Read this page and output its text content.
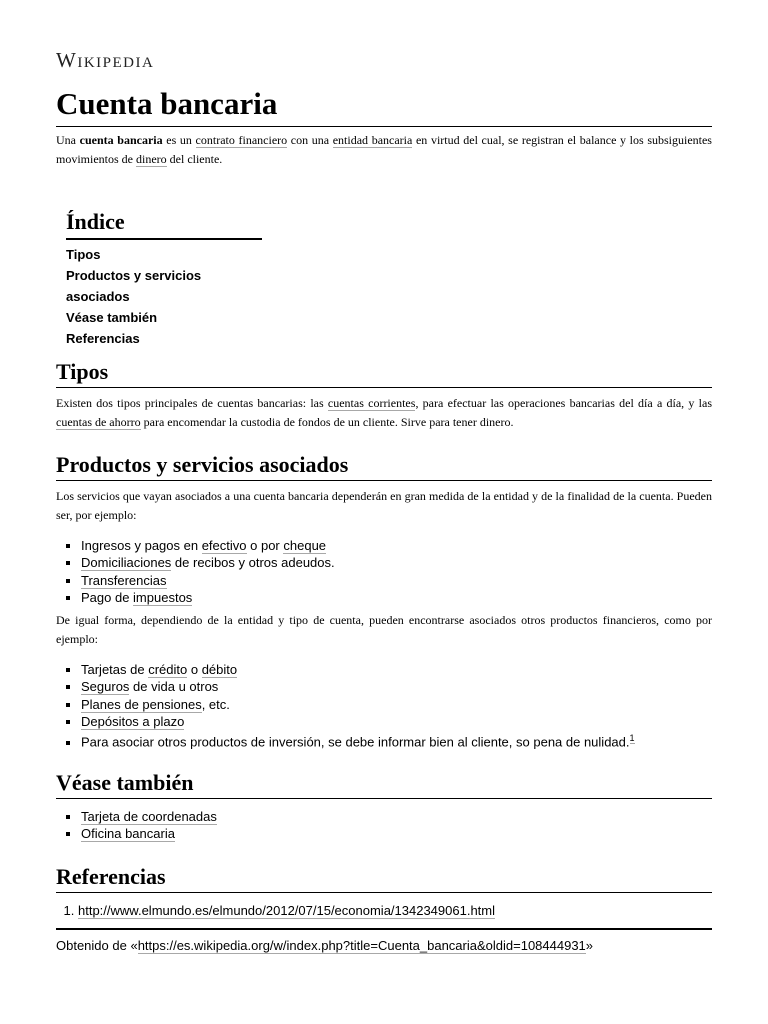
Wikipedia
Cuenta bancaria

Una cuenta bancaria es un contrato financiero con una entidad bancaria en virtud del cual, se registran el balance y los subsiguientes movimientos de dinero del cliente.

Índice
Tipos
Productos y servicios asociados
Véase también
Referencias
Tipos

Existen dos tipos principales de cuentas bancarias: las cuentas corrientes, para efectuar las operaciones bancarias del día a día, y las cuentas de ahorro para encomendar la custodia de fondos de un cliente. Sirve para tener dinero.

Productos y servicios asociados

Los servicios que vayan asociados a una cuenta bancaria dependerán en gran medida de la entidad y de la finalidad de la cuenta. Pueden ser, por ejemplo:

▪ Ingresos y pagos en efectivo o por cheque
▪ Domiciliaciones de recibos y otros adeudos.
▪ Transferencias
▪ Pago de impuestos

De igual forma, dependiendo de la entidad y tipo de cuenta, pueden encontrarse asociados otros productos financieros, como por ejemplo:

▪ Tarjetas de crédito o débito
▪ Seguros de vida u otros
▪ Planes de pensiones, etc.
▪ Depósitos a plazo
▪ Para asociar otros productos de inversión, se debe informar bien al cliente, so pena de nulidad.$^1$
Véase también
▪ Tarjeta de coordenadas
▪ Oficina bancaria
Referencias
1. http://www.elmundo.es/elmundo/2012/07/15/economia/1342349061.html
Obtenido de «https://es.wikipedia.org/w/index.php?title=Cuenta_bancaria&oldid=108444931»
